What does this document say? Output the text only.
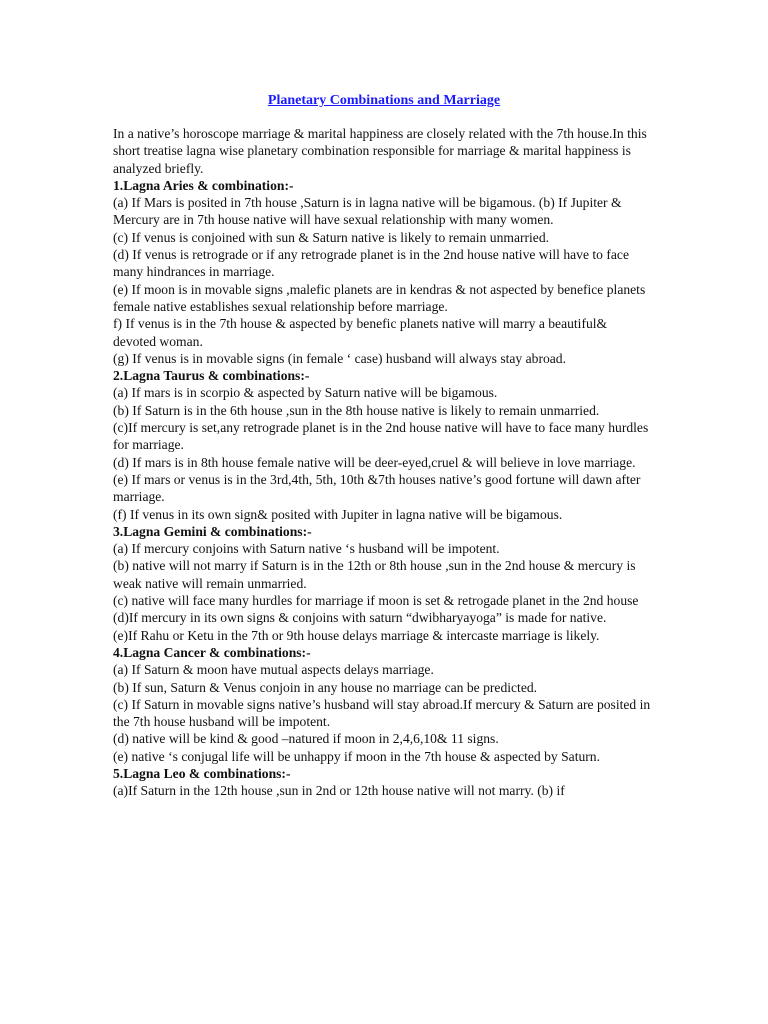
Planetary Combinations and Marriage

In a native’s horoscope marriage & marital happiness are closely related with the 7th house.In this short treatise lagna wise planetary combination responsible for marriage & marital happiness is analyzed briefly.

1.Lagna Aries & combination:-

(a) If Mars is posited in 7th house ,Saturn is in lagna native will be bigamous. (b) If Jupiter & Mercury are in 7th house native will have sexual relationship with many women.

(c) If venus is conjoined with sun & Saturn native is likely to remain unmarried.

(d) If venus is retrograde or if any retrograde planet is in the 2nd house native will have to face many hindrances in marriage.

(e) If moon is in movable signs ,malefic planets are in kendras & not aspected by benefice planets female native establishes sexual relationship before marriage.

f) If venus is in the 7th house & aspected by benefic planets native will marry a beautiful& devoted woman.

(g) If venus is in movable signs (in female ‘ case) husband will always stay abroad.

2.Lagna Taurus & combinations:-

(a) If mars is in scorpio & aspected by Saturn native will be bigamous.

(b) If Saturn is in the 6th house ,sun in the 8th house native is likely to remain unmarried.

(c)If mercury is set,any retrograde planet is in the 2nd house native will have to face many hurdles for marriage.

(d) If mars is in 8th house female native will be deer-eyed,cruel & will believe in love marriage.

(e) If mars or venus is in the 3rd,4th, 5th, 10th &7th houses native’s good fortune will dawn after marriage.

(f) If venus in its own sign& posited with Jupiter in lagna native will be bigamous.

3.Lagna Gemini & combinations:-

(a) If mercury conjoins with Saturn native ‘s husband will be impotent.

(b) native will not marry if Saturn is in the 12th or 8th house ,sun in the 2nd house & mercury is weak native will remain unmarried.

(c) native will face many hurdles for marriage if moon is set & retrogade planet in the 2nd house

(d)If mercury in its own signs & conjoins with saturn “dwibharyayoga” is made for native.

(e)If Rahu or Ketu in the 7th or 9th house delays marriage & intercaste marriage is likely.

4.Lagna Cancer & combinations:-

(a) If Saturn & moon have mutual aspects delays marriage.

(b) If sun, Saturn & Venus conjoin in any house no marriage can be predicted.

(c) If Saturn in movable signs native’s husband will stay abroad.If mercury & Saturn are posited in the 7th house husband will be impotent.

(d) native will be kind & good –natured if moon in 2,4,6,10& 11 signs.

(e) native ‘s conjugal life will be unhappy if moon in the 7th house & aspected by Saturn.

5.Lagna Leo & combinations:-

(a)If Saturn in the 12th house ,sun in 2nd or 12th house native will not marry. (b) if
